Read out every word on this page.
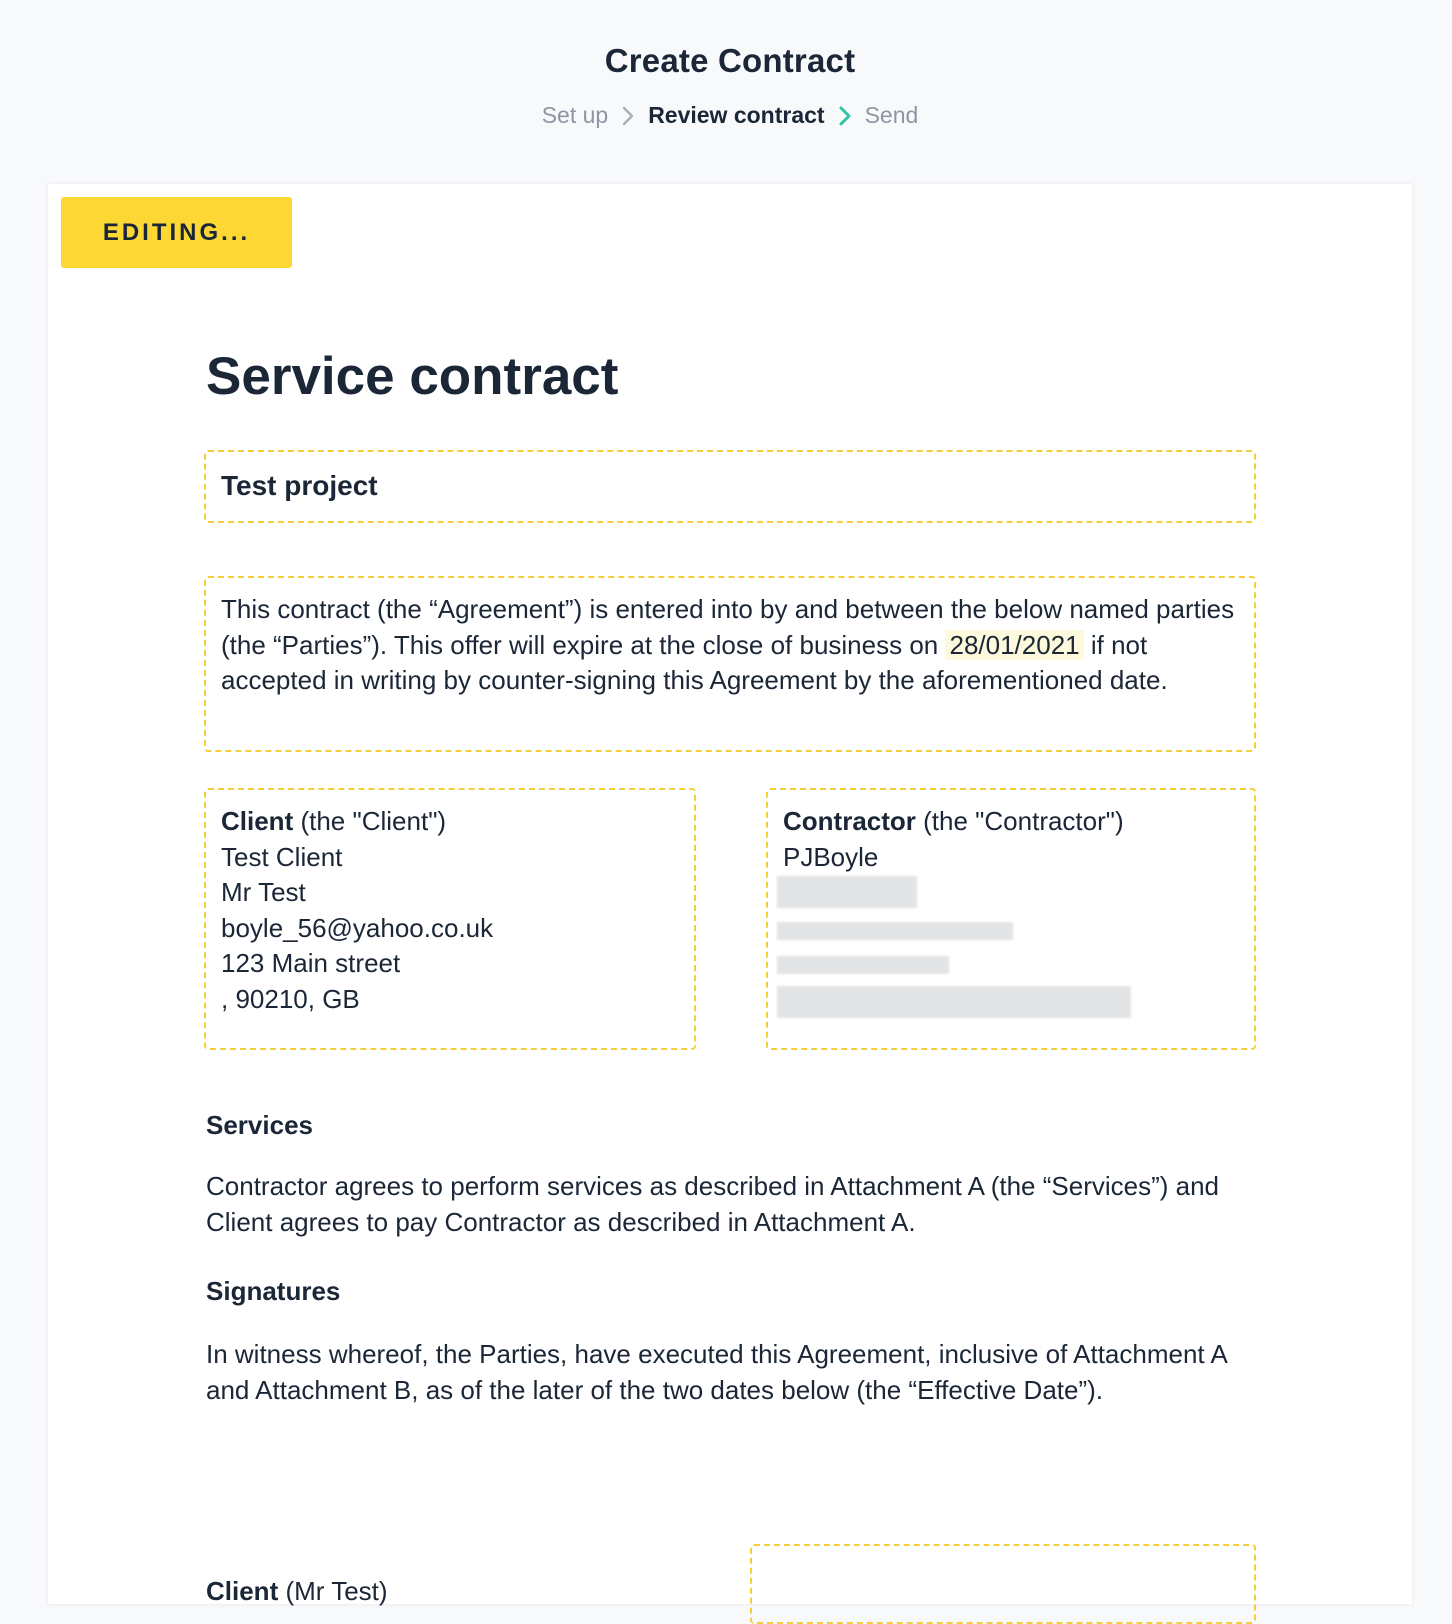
Create Contract
Set up Review contract Send
EDITING...
Service contract
Test project

This contract (the “Agreement”) is entered into by and between the below named parties (the “Parties”). This offer will expire at the close of business on 28/01/2021 if not accepted in writing by counter-signing this Agreement by the aforementioned date.

Client (the "Client")
Test Client
Mr Test
boyle_56@yahoo.co.uk
123 Main street
, 90210, GB
Contractor (the "Contractor")
PJBoyle
Services
Contractor agrees to perform services as described in Attachment A (the “Services”) and Client agrees to pay Contractor as described in Attachment A.
Signatures
In witness whereof, the Parties, have executed this Agreement, inclusive of Attachment A and Attachment B, as of the later of the two dates below (the “Effective Date”).
Client (Mr Test)
